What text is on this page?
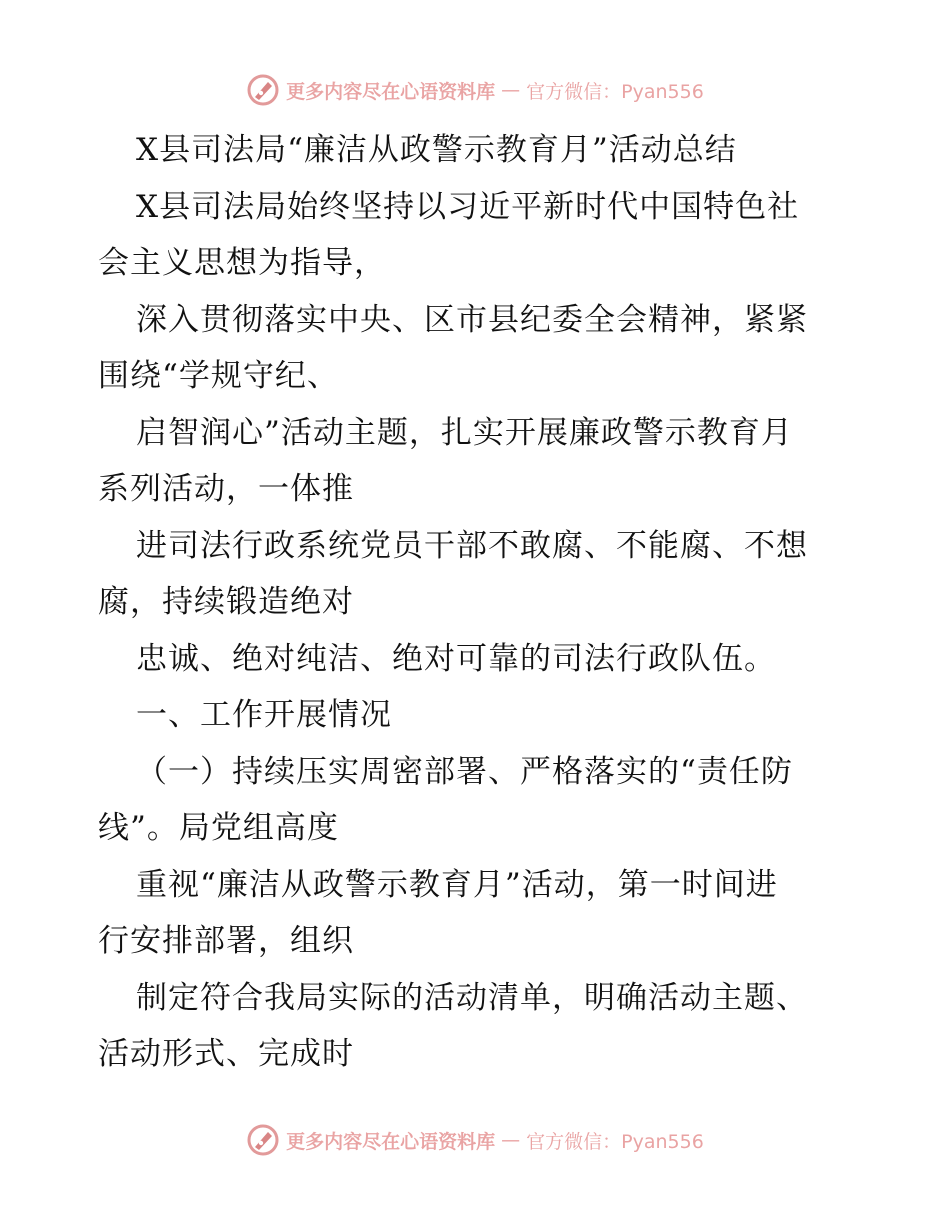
更多内容尽在心语资料库 — 官方微信：Pyan556
X县司法局“廉洁从政警示教育月”活动总结
X县司法局始终坚持以习近平新时代中国特色社
会主义思想为指导，
深入贯彻落实中央、区市县纪委全会精神，紧紧
围绕“学规守纪、
启智润心”活动主题，扎实开展廉政警示教育月
系列活动，一体推
进司法行政系统党员干部不敢腐、不能腐、不想
腐，持续锻造绝对
忠诚、绝对纯洁、绝对可靠的司法行政队伍。
一、工作开展情况
（一）持续压实周密部署、严格落实的“责任防
线”。局党组高度
重视“廉洁从政警示教育月”活动，第一时间进
行安排部署，组织
制定符合我局实际的活动清单，明确活动主题、
活动形式、完成时
更多内容尽在心语资料库 — 官方微信：Pyan556
